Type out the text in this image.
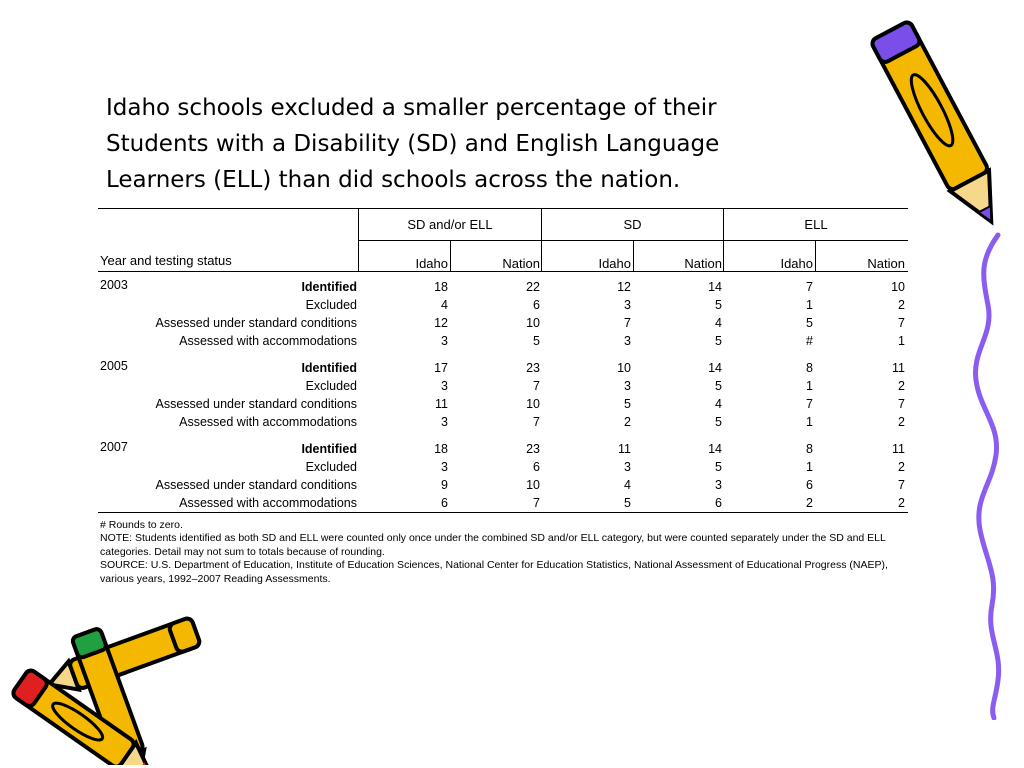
Idaho schools excluded a smaller percentage of their
Students with a Disability (SD) and English Language
Learners (ELL) than did schools across the nation.
SD and/or ELL	SD	ELL
Year and testing status	Idaho	Nation	Idaho	Nation	Idaho	Nation
2003	Identified	18	22	12	14	7	10
Excluded	4	6	3	5	1	2
Assessed under standard conditions	12	10	7	4	5	7
Assessed with accommodations	3	5	3	5	#	1
2005	Identified	17	23	10	14	8	11
Excluded	3	7	3	5	1	2
Assessed under standard conditions	11	10	5	4	7	7
Assessed with accommodations	3	7	2	5	1	2
2007	Identified	18	23	11	14	8	11
Excluded	3	6	3	5	1	2
Assessed under standard conditions	9	10	4	3	6	7
Assessed with accommodations	6	7	5	6	2	2

# Rounds to zero.

NOTE: Students identified as both SD and ELL were counted only once under the combined SD and/or ELL category, but were counted separately under the SD and ELL categories. Detail may not sum to totals because of rounding.

SOURCE: U.S. Department of Education, Institute of Education Sciences, National Center for Education Statistics, National Assessment of Educational Progress (NAEP), various years, 1992–2007 Reading Assessments.
